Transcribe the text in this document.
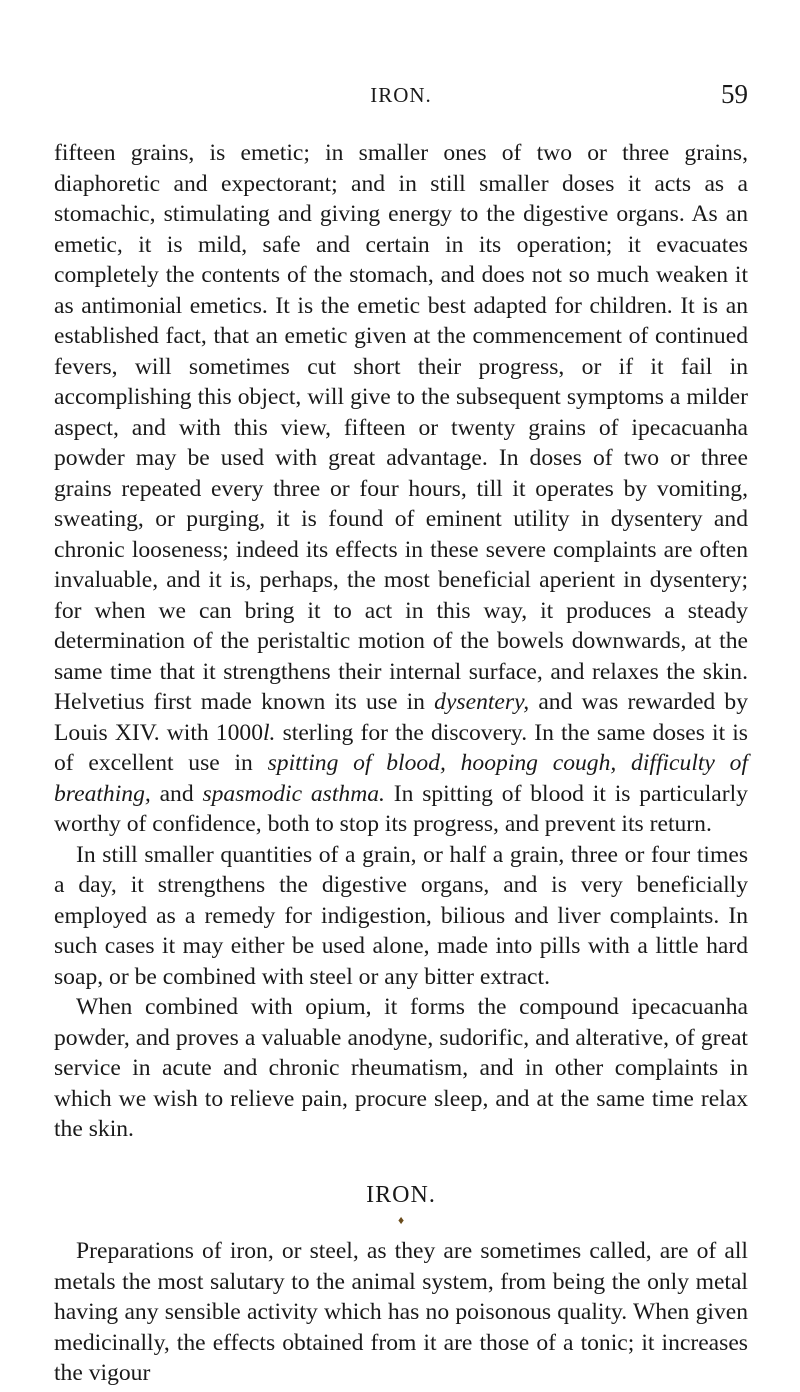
IRON.	59

fifteen grains, is emetic; in smaller ones of two or three grains, diaphoretic and expectorant; and in still smaller doses it acts as a stomachic, stimulating and giving energy to the digestive organs. As an emetic, it is mild, safe and certain in its operation; it evacuates completely the contents of the stomach, and does not so much weaken it as antimonial emetics. It is the emetic best adapted for children. It is an established fact, that an emetic given at the commencement of continued fevers, will sometimes cut short their progress, or if it fail in accomplishing this object, will give to the subsequent symptoms a milder aspect, and with this view, fifteen or twenty grains of ipecacuanha powder may be used with great advantage. In doses of two or three grains repeated every three or four hours, till it operates by vomiting, sweating, or purging, it is found of eminent utility in dysentery and chronic looseness; indeed its effects in these severe complaints are often invaluable, and it is, perhaps, the most beneficial aperient in dysentery; for when we can bring it to act in this way, it produces a steady determination of the peristaltic motion of the bowels downwards, at the same time that it strengthens their internal surface, and relaxes the skin. Helvetius first made known its use in dysentery, and was rewarded by Louis XIV. with 1000l. sterling for the discovery. In the same doses it is of excellent use in spitting of blood, hooping cough, difficulty of breathing, and spasmodic asthma. In spitting of blood it is particularly worthy of confidence, both to stop its progress, and prevent its return.

In still smaller quantities of a grain, or half a grain, three or four times a day, it strengthens the digestive organs, and is very beneficially employed as a remedy for indigestion, bilious and liver complaints. In such cases it may either be used alone, made into pills with a little hard soap, or be combined with steel or any bitter extract.

When combined with opium, it forms the compound ipecacuanha powder, and proves a valuable anodyne, sudorific, and alterative, of great service in acute and chronic rheumatism, and in other complaints in which we wish to relieve pain, procure sleep, and at the same time relax the skin.

IRON.
♦

Preparations of iron, or steel, as they are sometimes called, are of all metals the most salutary to the animal system, from being the only metal having any sensible activity which has no poisonous quality. When given medicinally, the effects obtained from it are those of a tonic; it increases the vigour
